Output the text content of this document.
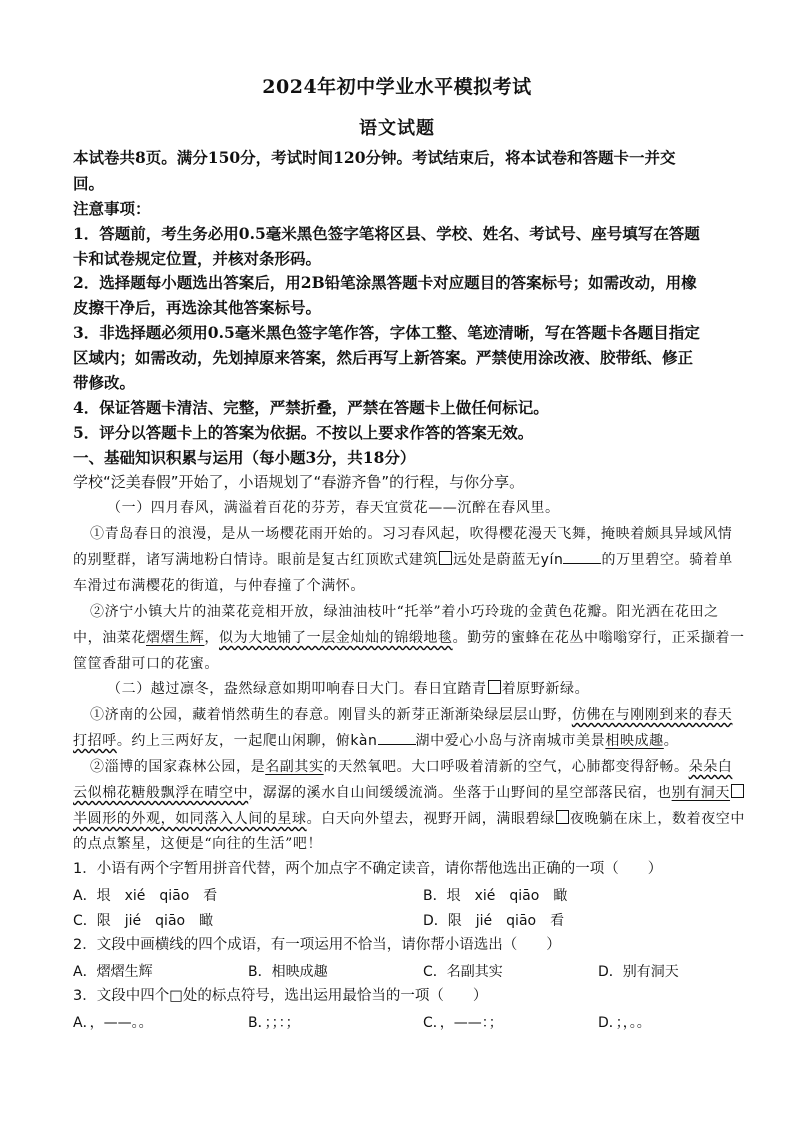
2024年初中学业水平模拟考试
语文试题
本试卷共8页。满分150分，考试时间120分钟。考试结束后，将本试卷和答题卡一并交
回。
注意事项：
1．答题前，考生务必用0.5毫米黑色签字笔将区县、学校、姓名、考试号、座号填写在答题
卡和试卷规定位置，并核对条形码。
2．选择题每小题选出答案后，用2B铅笔涂黑答题卡对应题目的答案标号；如需改动，用橡
皮擦干净后，再选涂其他答案标号。
3．非选择题必须用0.5毫米黑色签字笔作答，字体工整、笔迹清晰，写在答题卡各题目指定
区域内；如需改动，先划掉原来答案，然后再写上新答案。严禁使用涂改液、胶带纸、修正
带修改。
4．保证答题卡清洁、完整，严禁折叠，严禁在答题卡上做任何标记。
5．评分以答题卡上的答案为依据。不按以上要求作答的答案无效。
一、基础知识积累与运用（每小题3分，共18分）
学校“泛美春假”开始了，小语规划了“春游齐鲁”的行程，与你分享。
（一）四月春风，满溢着百花的芬芳，春天宜赏花——沉醉在春风里。
①青岛春日的浪漫，是从一场樱花雨开始的。习习春风起，吹得樱花漫天飞舞，掩映着颇具异域风情
的别墅群，诸写满地粉白情诗。眼前是复古红顶欧式建筑 远处是蔚蓝无yín	的万里碧空。骑着单
车滑过布满樱花的街道，与仲春撞了个满怀。
②济宁小镇大片的油菜花竞相开放，绿油油枝叶“托举”着小巧玲珑的金黄色花瓣。阳光洒在花田之
中，油菜花熠熠生辉，似为大地铺了一层金灿灿的锦缎地毯。勤劳的蜜蜂在花丛中嗡嗡穿行，正采撷着一
筐筐香甜可口的花蜜。
（二）越过凛冬，盎然绿意如期叩响春日大门。春日宜踏青 着原野新绿。
①济南的公园，藏着悄然萌生的春意。刚冒头的新芽正渐渐染绿层层山野，仿佛在与刚刚到来的春天
打招呼。约上三两好友，一起爬山闲聊，俯kàn	湖中爱心小岛与济南城市美景相映成趣。
②淄博的国家森林公园，是名副其实的天然氧吧。大口呼吸着清新的空气，心肺都变得舒畅。朵朵白
云似棉花糖般飘浮在晴空中，潺潺的溪水自山间缓缓流淌。坐落于山野间的星空部落民宿，也别有洞天
半圆形的外观，如同落入人间的星球。白天向外望去，视野开阔，满眼碧绿 夜晚躺在床上，数着夜空中
的点点繁星，这便是“向往的生活”吧！
1．小语有两个字暂用拼音代替，两个加点字不确定读音，请你帮他选出正确的一项（　　）
A．垠　xié　qiāo　看	B．垠　xié　qiāo　瞰
C．限　jié　qiāo　瞰	D．限　jié　qiāo　看
2．文段中画横线的四个成语，有一项运用不恰当，请你帮小语选出（　　）
A．熠熠生辉	B．相映成趣	C．名副其实	D．别有洞天
3．文段中四个□处的标点符号，选出运用最恰当的一项（　　）
A．，——。。	B．；；：；	C．，——：；	D．；，。。
